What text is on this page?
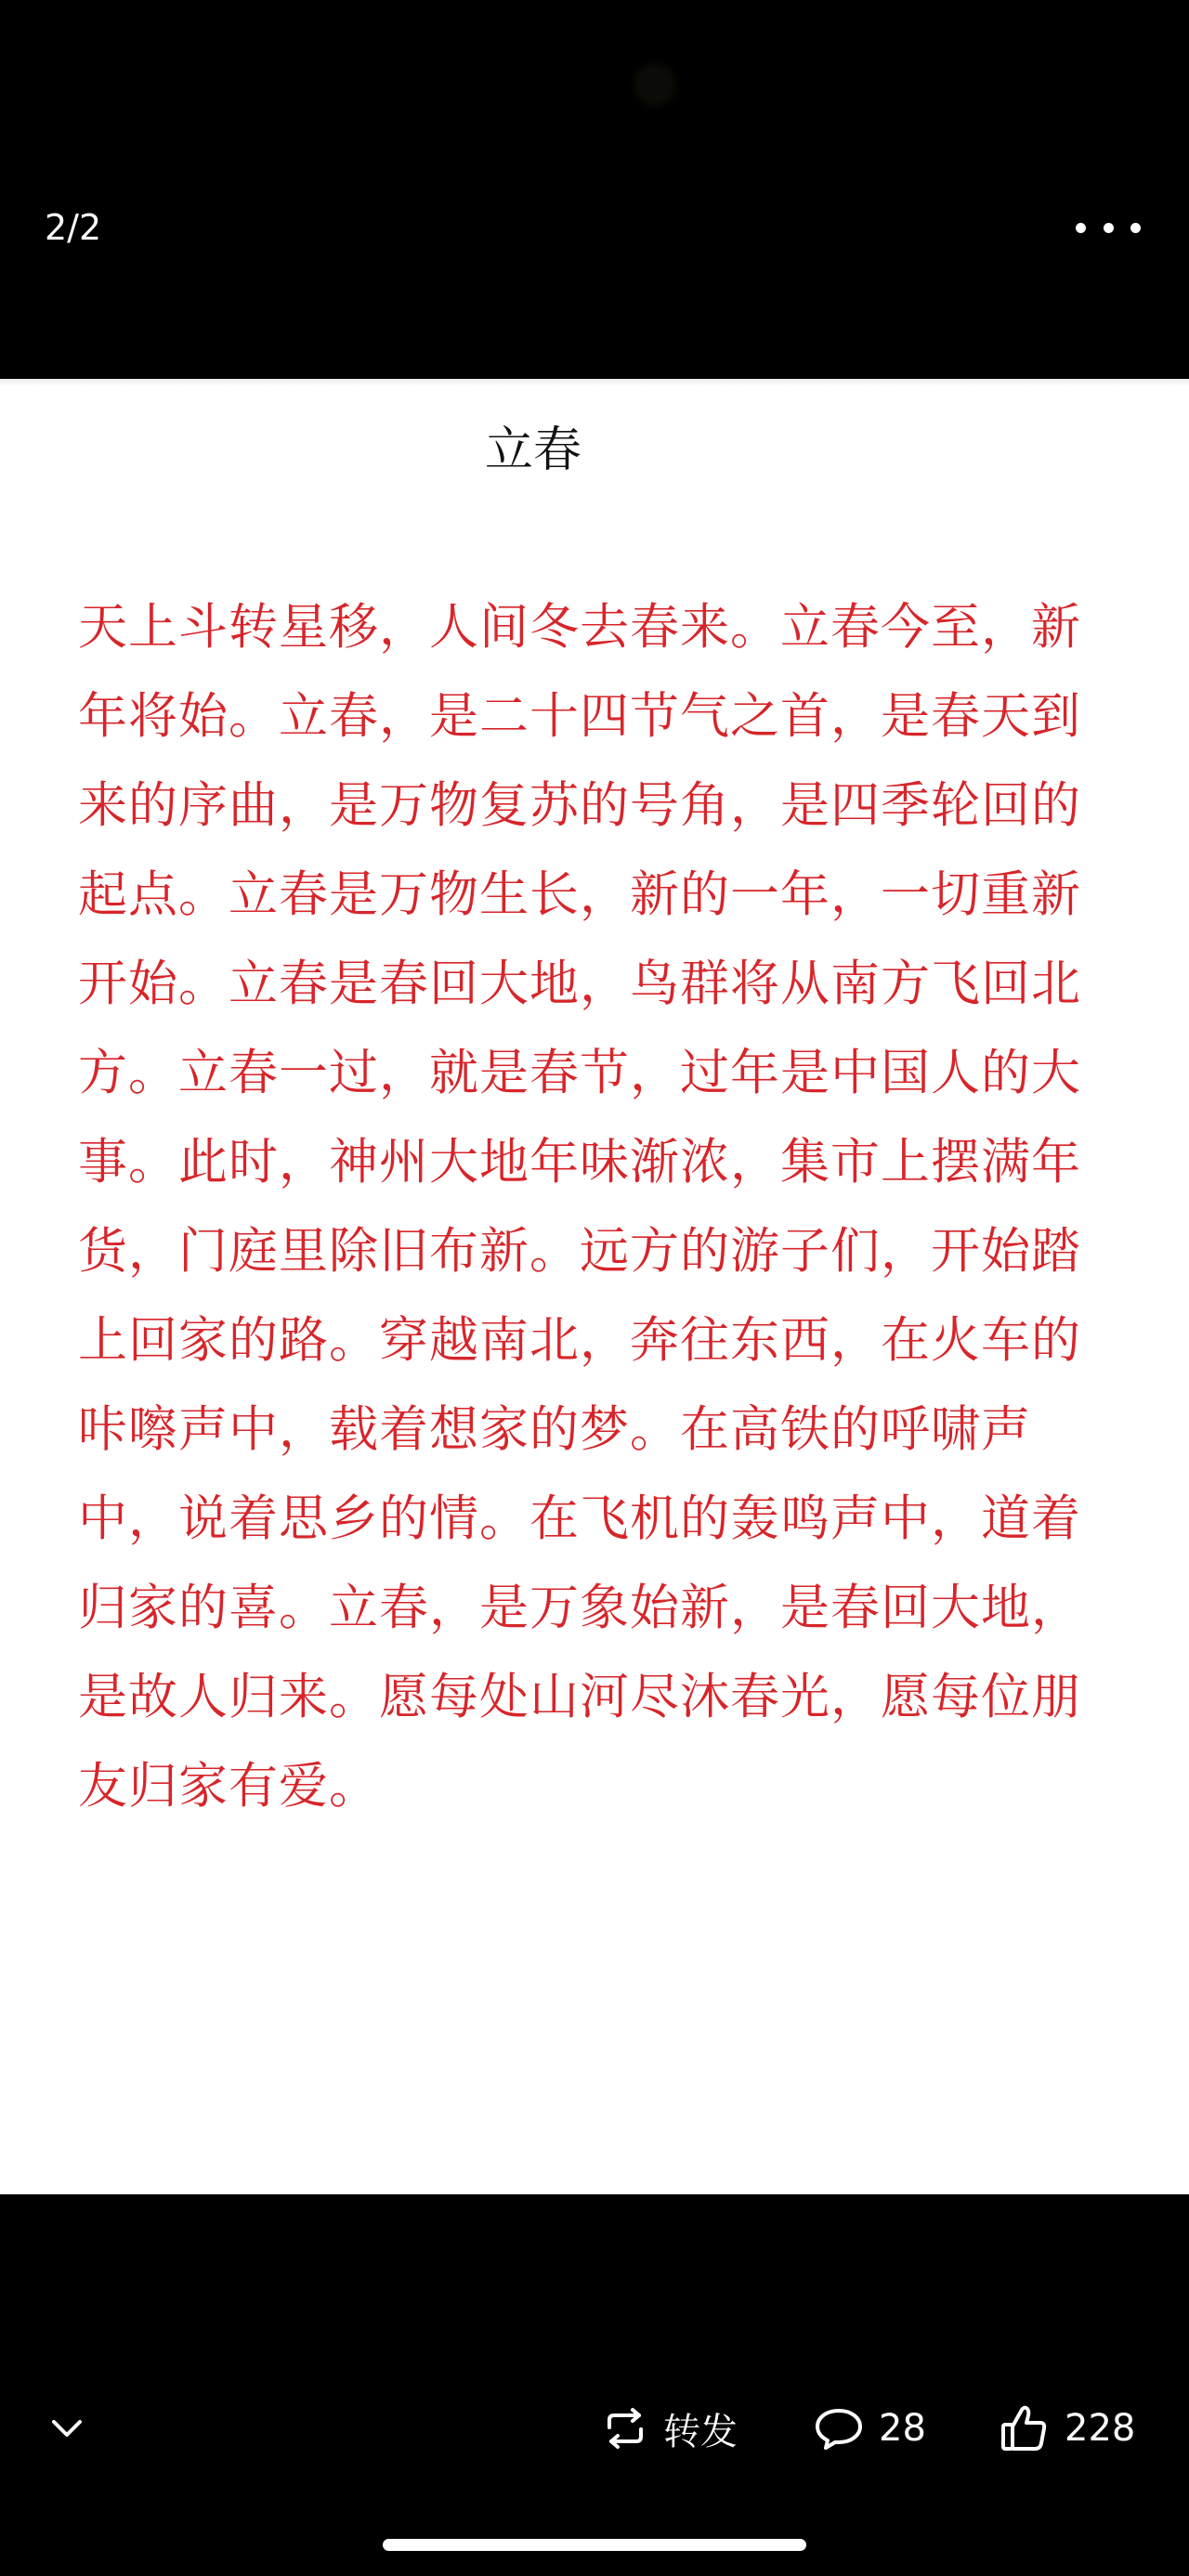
2/2
立春
天上斗转星移，人间冬去春来。立春今至，新年将始。立春，是二十四节气之首，是春天到来的序曲，是万物复苏的号角，是四季轮回的起点。立春是万物生长，新的一年，一切重新开始。立春是春回大地，鸟群将从南方飞回北方。立春一过，就是春节，过年是中国人的大事。此时，神州大地年味渐浓，集市上摆满年货，门庭里除旧布新。远方的游子们，开始踏上回家的路。穿越南北，奔往东西，在火车的咔嚓声中，载着想家的梦。在高铁的呼啸声中，说着思乡的情。在飞机的轰鸣声中，道着归家的喜。立春，是万象始新，是春回大地，是故人归来。愿每处山河尽沐春光，愿每位朋友归家有爱。
转发	28	228
